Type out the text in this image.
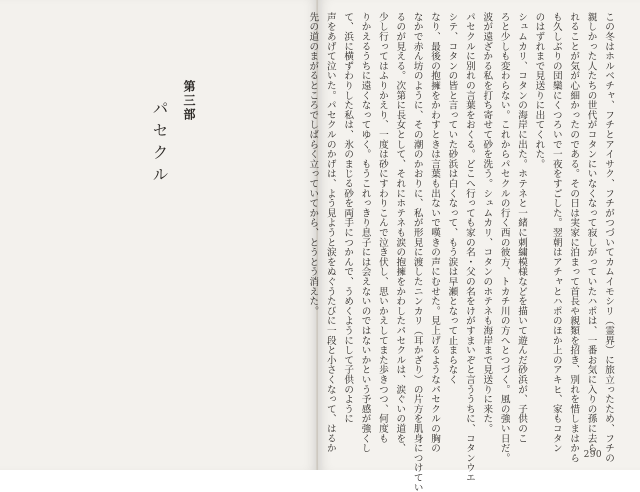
第三部
パセクル	この冬はホルベチャ、フチとアイサク、フチがつづいてカムイモシリ（霊界）に旅立ったため、フチの
親しかった人たちの世代がコタンにいなくなって寂しがっていたハポは、一番お気に入りの孫に去ら
れることが気が心細かったのである。その日は実家に泊まって首長や親類を招き、別れを惜しまはから
も久しぶりの団欒にくつろいで一夜をすごした。翌朝はアチャとハポのほか上のアキヒ、家もコタン
のはずれまで見送りに出てくれた。
シュムカリ、コタンの海岸に出た。ホテネと一緒に刺繍模様などを描いて遊んだ砂浜が、子供のこ
ろと少しも変わらない。これからパセクルの行く西の彼方、トカチ川の方へとつづく。風の強い日だ。
波が遠ざかる私を打ち寄せて砂を洗う。シュムカリ、コタンのホテネも海岸まで見送りに来た。
パセクルに別れの言葉をおくる。どこへ行っても家の名・父の名をけがすまいぞと言ううちに、コタンウエ
シテ、コタンの皆と言っていた砂浜は白くなって、もう涙は早瀬となって止まらなく
なり、最後の抱擁をかわすときは言葉も出ないで嘆きの声にむせた。見上げるようなパセクルの胸の
なかで赤ん坊のように、その潮のかおりに、私が形見に渡したニンカリ（耳かざり）の片方を肌身につけてい
るのが見える。次第に長女として、それにホテネも涙の抱擁をかわしたパセクルは、涙ぐいの道を、
少し行ってはふりかえり、一度は砂にすわりこんで泣き伏し、思いかえしてまた歩きつつ、何度も
りかえるうちに遠くなってゆく。もうこれっきり息子には会えないのではないかという予感が強くし
て、浜に横ずわりした私は、氷のまじる砂を両手につかんで、うめくようにして子供のように
声をあげて泣いた。パセクルのかげは、よう見ようと涙をぬぐうたびに一段と小さくなって、はるか
先の道のまがるところでしばらく立っていてから、とうとう消えた。
290
